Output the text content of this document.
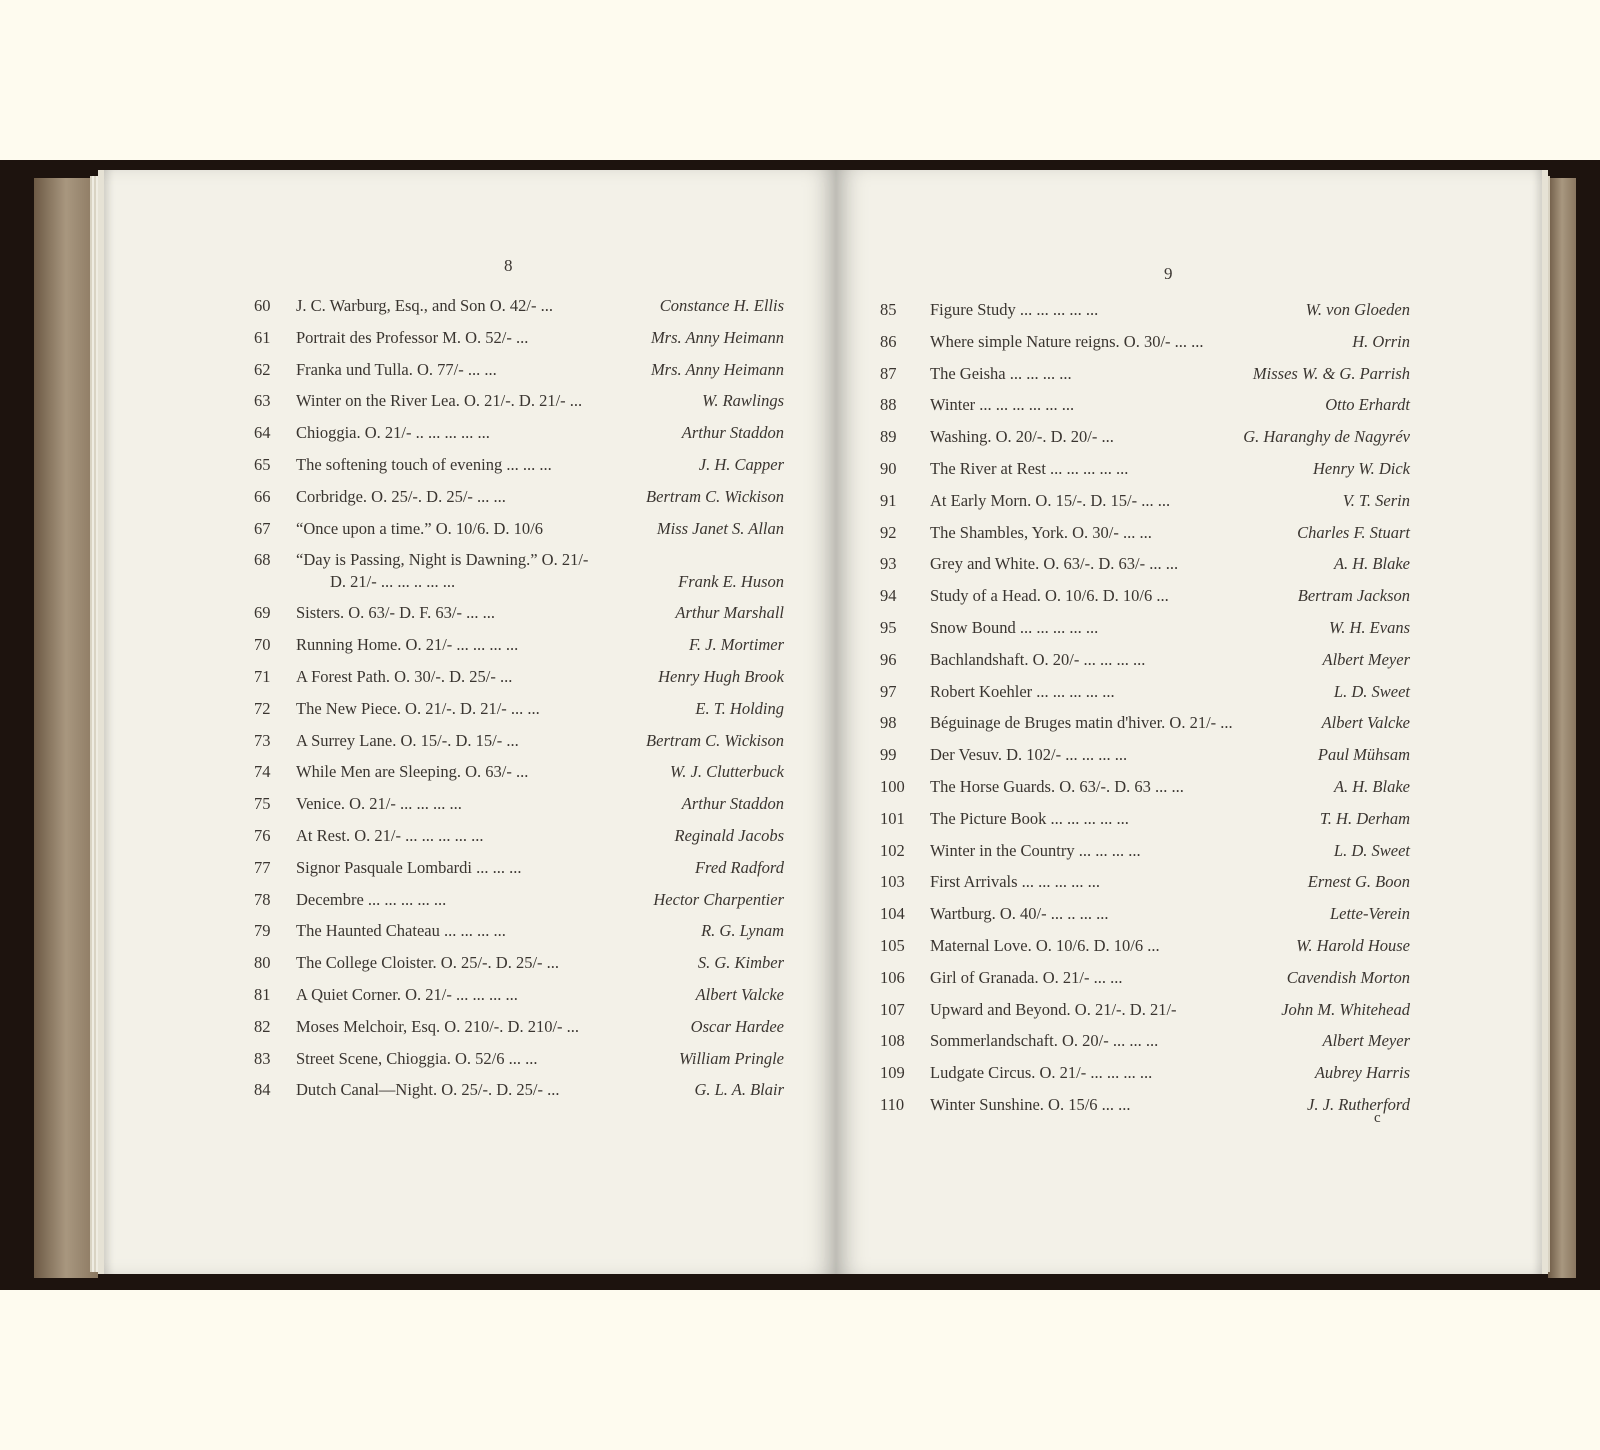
8
60 J. C. Warburg, Esq., and Son O. 42/- ...	Constance H. Ellis
61 Portrait des Professor M. O. 52/- ...	Mrs. Anny Heimann
62 Franka und Tulla. O. 77/- ... ...	Mrs. Anny Heimann
63 Winter on the River Lea. O. 21/-. D. 21/- ...	W. Rawlings
64 Chioggia. O. 21/- .. ... ... ... ...	Arthur Staddon
65 The softening touch of evening ... ... ...	J. H. Capper
66 Corbridge. O. 25/-. D. 25/- ... ...	Bertram C. Wickison
67 “Once upon a time.” O. 10/6. D. 10/6	Miss Janet S. Allan
68 “Day is Passing, Night is Dawning.” O. 21/-
D. 21/- ... ... .. ... ...	Frank E. Huson
69 Sisters. O. 63/- D. F. 63/- ... ...	Arthur Marshall
70 Running Home. O. 21/- ... ... ... ...	F. J. Mortimer
71 A Forest Path. O. 30/-. D. 25/- ...	Henry Hugh Brook
72 The New Piece. O. 21/-. D. 21/- ... ...	E. T. Holding
73 A Surrey Lane. O. 15/-. D. 15/- ...	Bertram C. Wickison
74 While Men are Sleeping. O. 63/- ...	W. J. Clutterbuck
75 Venice. O. 21/- ... ... ... ...	Arthur Staddon
76 At Rest. O. 21/- ... ... ... ... ...	Reginald Jacobs
77 Signor Pasquale Lombardi ... ... ...	Fred Radford
78 Decembre ... ... ... ... ...	Hector Charpentier
79 The Haunted Chateau ... ... ... ...	R. G. Lynam
80 The College Cloister. O. 25/-. D. 25/- ...	S. G. Kimber
81 A Quiet Corner. O. 21/- ... ... ... ...	Albert Valcke
82 Moses Melchoir, Esq. O. 210/-. D. 210/- ...	Oscar Hardee
83 Street Scene, Chioggia. O. 52/6 ... ...	William Pringle
84 Dutch Canal—Night. O. 25/-. D. 25/- ...	G. L. A. Blair
9
85 Figure Study ... ... ... ... ...	W. von Gloeden
86 Where simple Nature reigns. O. 30/- ... ...	H. Orrin
87 The Geisha ... ... ... ...	Misses W. & G. Parrish
88 Winter ... ... ... ... ... ...	Otto Erhardt
89 Washing. O. 20/-. D. 20/- ...	G. Haranghy de Nagyrév
90 The River at Rest ... ... ... ... ...	Henry W. Dick
91 At Early Morn. O. 15/-. D. 15/- ... ...	V. T. Serin
92 The Shambles, York. O. 30/- ... ...	Charles F. Stuart
93 Grey and White. O. 63/-. D. 63/- ... ...	A. H. Blake
94 Study of a Head. O. 10/6. D. 10/6 ...	Bertram Jackson
95 Snow Bound ... ... ... ... ...	W. H. Evans
96 Bachlandshaft. O. 20/- ... ... ... ...	Albert Meyer
97 Robert Koehler ... ... ... ... ...	L. D. Sweet
98 Béguinage de Bruges matin d'hiver. O. 21/- ...	Albert Valcke
99 Der Vesuv. D. 102/- ... ... ... ...	Paul Mühsam
100 The Horse Guards. O. 63/-. D. 63 ... ...	A. H. Blake
101 The Picture Book ... ... ... ... ...	T. H. Derham
102 Winter in the Country ... ... ... ...	L. D. Sweet
103 First Arrivals ... ... ... ... ...	Ernest G. Boon
104 Wartburg. O. 40/- ... .. ... ...	Lette-Verein
105 Maternal Love. O. 10/6. D. 10/6 ...	W. Harold House
106 Girl of Granada. O. 21/- ... ...	Cavendish Morton
107 Upward and Beyond. O. 21/-. D. 21/-	John M. Whitehead
108 Sommerlandschaft. O. 20/- ... ... ...	Albert Meyer
109 Ludgate Circus. O. 21/- ... ... ... ...	Aubrey Harris
110 Winter Sunshine. O. 15/6 ... ...	J. J. Rutherford
c
